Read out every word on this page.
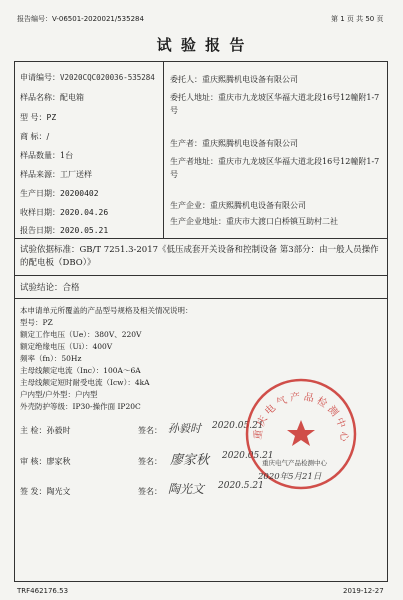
报告编号：V-06501-2020021/535284	第 1 页 共 50 页
试 验 报 告
申请编号：V2020CQC020036-535284
样品名称：配电箱
型 号：PZ
商 标：/
样品数量：1台
样品来源：工厂送样
生产日期：20200402
收样日期：2020.04.26
报告日期：2020.05.21
委托人：重庆熙腾机电设备有限公司
委托人地址：重庆市九龙坡区华福大道北段16号12幢附1-7号
生产者：重庆熙腾机电设备有限公司
生产者地址：重庆市九龙坡区华福大道北段16号12幢附1-7号
生产企业：重庆熙腾机电设备有限公司
生产企业地址：重庆市大渡口白桥镇互助村二社
试验依据标准：GB/T 7251.3-2017《低压成套开关设备和控制设备 第3部分：由一般人员操作的配电板（DBO）》
试验结论：合格
本申请单元所覆盖的产品型号规格及相关情况说明：
型号：PZ
额定工作电压（Ue）：380V、220V
额定绝缘电压（Ui）：400V
频率（fn）：50Hz
主母线额定电流（Inc）：100A～6A
主母线额定短时耐受电流（Icw）：4kA
户内型/户外型：户内型
外壳防护等级：IP30-操作面 IP20C
主 检：孙毅时	签名： 孙毅时 2020.05.21
审 核：廖家秋	签名： 廖家秋 2020.05.21
签 发：陶光文	签名： 陶光文 2020.5.21
重庆电气产品检测中心
重庆电气产品检测中心
2020年5月21日
TRF462176.53	2019-12-27
